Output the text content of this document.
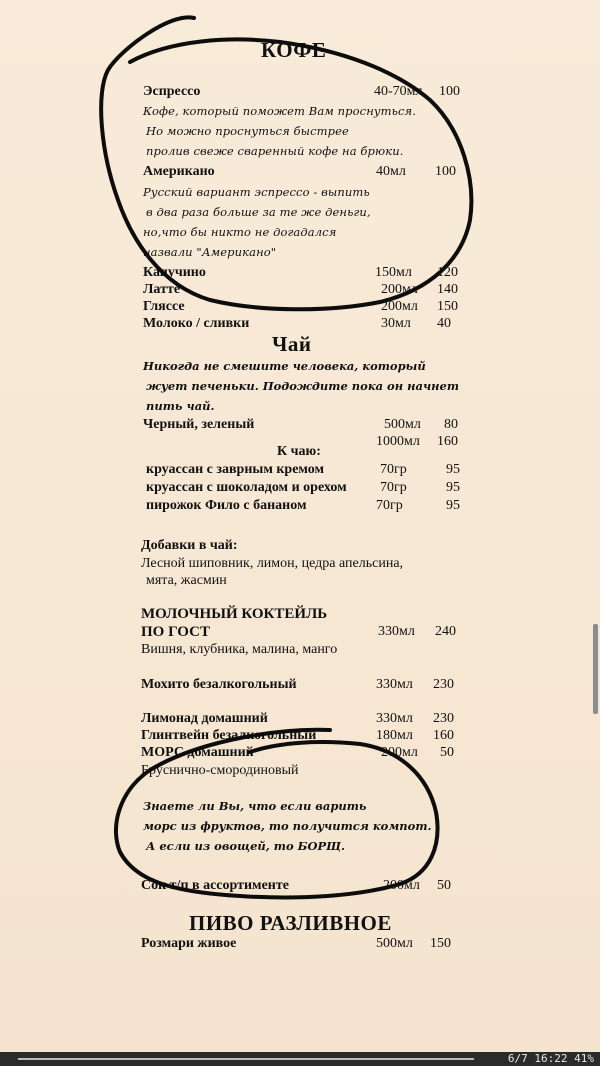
КОФЕ
Эспрессо	40-70мл 100
Кофе, который поможет Вам проснуться.
Но можно проснуться быстрее
пролив свеже сваренный кофе на брюки.
Американо	40мл 100
Русский вариант эспрессо - выпить
в два раза больше за те же деньги,
но,что бы никто не догадался
назвали "Американо"
Капучино	150мл 120
Латте	200мл 140
Гляссе	200мл 150
Молоко / сливки	30мл 40
Чай
Никогда не смешите человека, который
жует печеньки. Подождите пока он начнет
пить чай.
Черный, зеленый	500мл 80
1000мл 160
К чаю:
круассан с заврным кремом	70гр	95
круассан с шоколадом и орехом 70гр	95
пирожок Фило с бананом	70гр	95
Добавки в чай:
Лесной шиповник, лимон, цедра апельсина,
мята, жасмин
МОЛОЧНЫЙ КОКТЕЙЛЬ
ПО ГОСТ	330мл 240
Вишня, клубника, малина, манго
Мохито безалкогольный	330мл 230
Лимонад домашний	330мл 230
Глинтвейн безалкогольный	180мл 160
МОРС домашний	200мл 50
Бруснично-смородиновый
Знаете ли Вы, что если варить
морс из фруктов, то получится компот.
А если из овощей, то БОРЩ.
Сок т/п в ассортименте	200мл 50
ПИВО РАЗЛИВНОЕ
Розмари живое	500мл 150
6/7 16:22 41%
